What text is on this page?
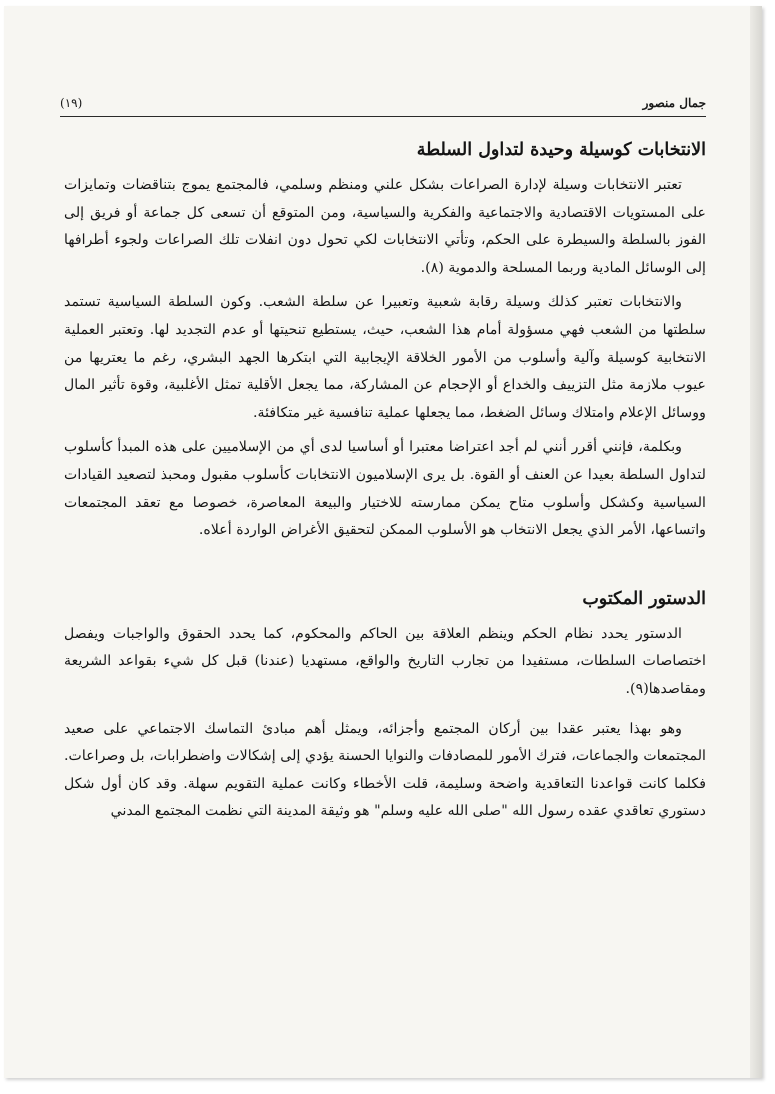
جمال منصور
(١٩)
الانتخابات كوسيلة وحيدة لتداول السلطة

تعتبر الانتخابات وسيلة لإدارة الصراعات بشكل علني ومنظم وسلمي، فالمجتمع يموج بتناقضات وتمايزات على المستويات الاقتصادية والاجتماعية والفكرية والسياسية، ومن المتوقع أن تسعى كل جماعة أو فريق إلى الفوز بالسلطة والسيطرة على الحكم، وتأتي الانتخابات لكي تحول دون انفلات تلك الصراعات ولجوء أطرافها إلى الوسائل المادية وربما المسلحة والدموية (٨).

والانتخابات تعتبر كذلك وسيلة رقابة شعبية وتعبيرا عن سلطة الشعب. وكون السلطة السياسية تستمد سلطتها من الشعب فهي مسؤولة أمام هذا الشعب، حيث، يستطيع تنحيتها أو عدم التجديد لها. وتعتبر العملية الانتخابية كوسيلة وآلية وأسلوب من الأمور الخلاقة الإيجابية التي ابتكرها الجهد البشري، رغم ما يعتريها من عيوب ملازمة مثل التزييف والخداع أو الإحجام عن المشاركة، مما يجعل الأقلية تمثل الأغلبية، وقوة تأثير المال ووسائل الإعلام وامتلاك وسائل الضغط، مما يجعلها عملية تنافسية غير متكافئة.

وبكلمة، فإنني أقرر أنني لم أجد اعتراضا معتبرا أو أساسيا لدى أي من الإسلاميين على هذه المبدأ كأسلوب لتداول السلطة بعيدا عن العنف أو القوة. بل يرى الإسلاميون الانتخابات كأسلوب مقبول ومحبذ لتصعيد القيادات السياسية وكشكل وأسلوب متاح يمكن ممارسته للاختيار والبيعة المعاصرة، خصوصا مع تعقد المجتمعات واتساعها، الأمر الذي يجعل الانتخاب هو الأسلوب الممكن لتحقيق الأغراض الواردة أعلاه.

الدستور المكتوب

الدستور يحدد نظام الحكم وينظم العلاقة بين الحاكم والمحكوم، كما يحدد الحقوق والواجبات ويفصل اختصاصات السلطات، مستفيدا من تجارب التاريخ والواقع، مستهديا (عندنا) قبل كل شيء بقواعد الشريعة ومقاصدها(٩).

وهو بهذا يعتبر عقدا بين أركان المجتمع وأجزائه، ويمثل أهم مبادئ التماسك الاجتماعي على صعيد المجتمعات والجماعات، فترك الأمور للمصادفات والنوايا الحسنة يؤدي إلى إشكالات واضطرابات، بل وصراعات. فكلما كانت قواعدنا التعاقدية واضحة وسليمة، قلت الأخطاء وكانت عملية التقويم سهلة. وقد كان أول شكل دستوري تعاقدي عقده رسول الله "صلى الله عليه وسلم" هو وثيقة المدينة التي نظمت المجتمع المدني
